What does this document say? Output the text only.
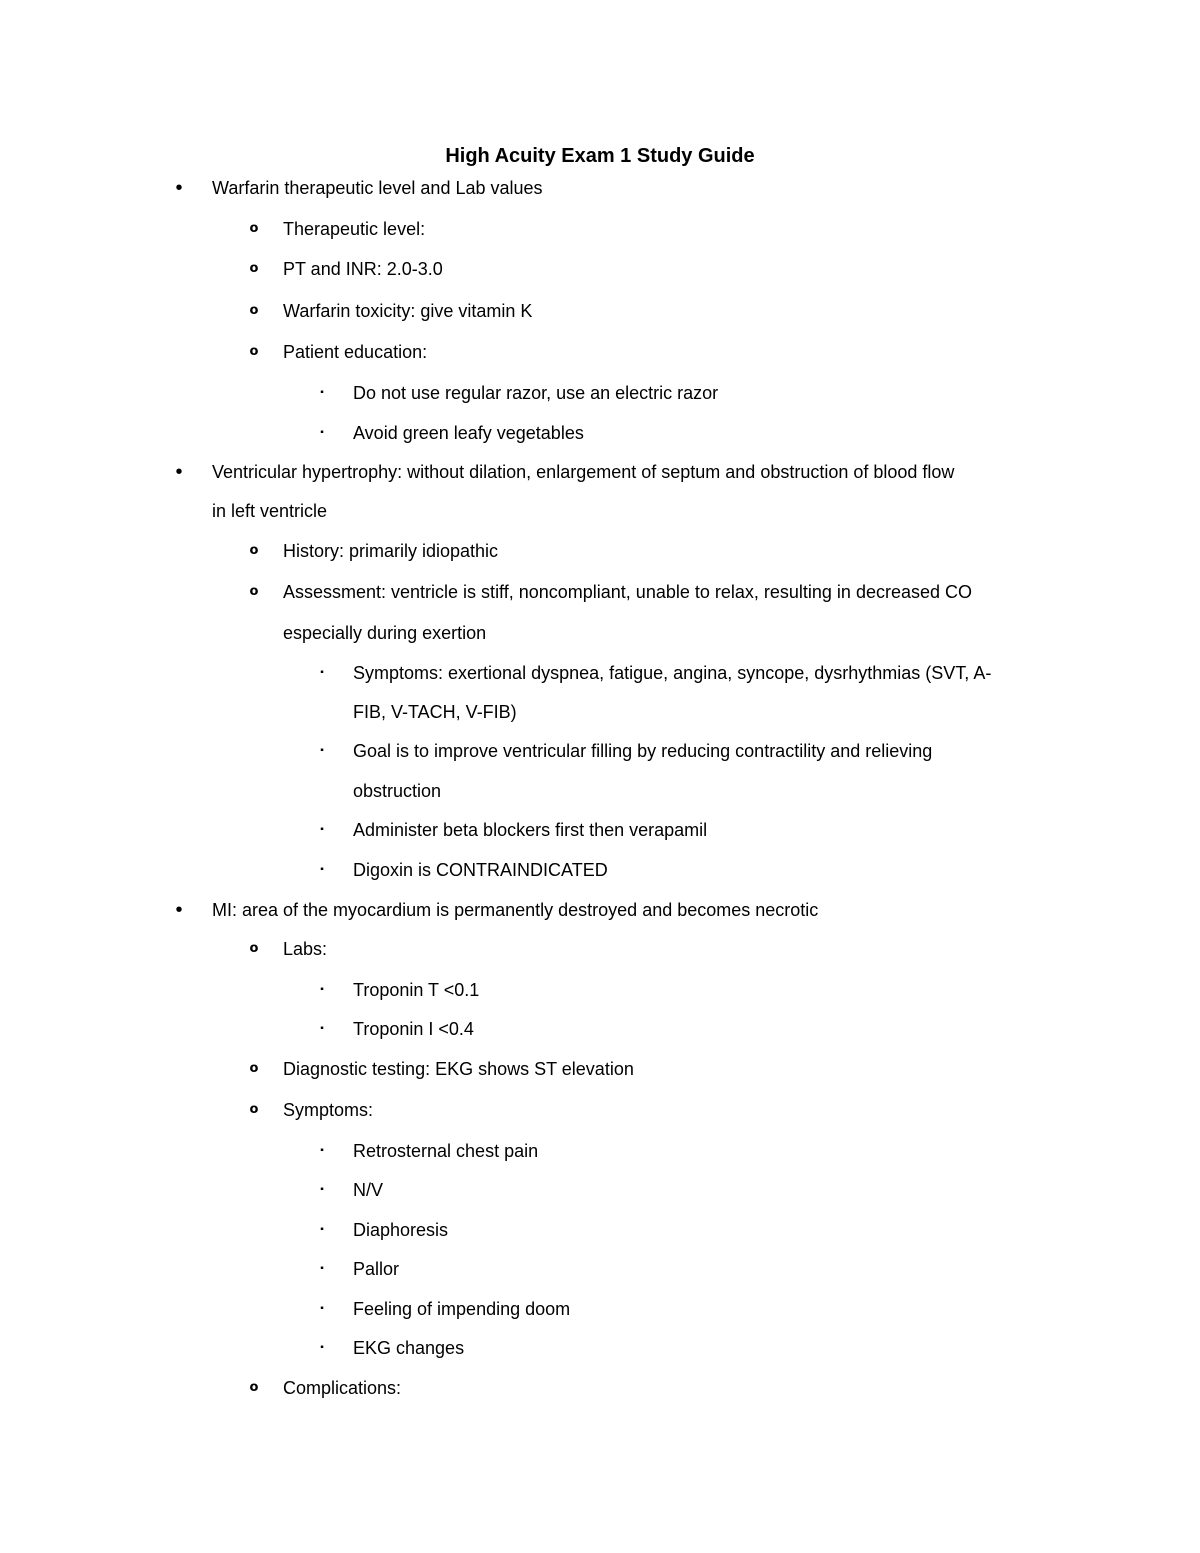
High Acuity Exam 1 Study Guide
•	Warfarin therapeutic level and Lab values
o	Therapeutic level:
o	PT and INR: 2.0-3.0
o	Warfarin toxicity: give vitamin K
o	Patient education:
▪	Do not use regular razor, use an electric razor
▪	Avoid green leafy vegetables
•	Ventricular hypertrophy: without dilation, enlargement of septum and obstruction of blood flow
in left ventricle
o	History: primarily idiopathic
o	Assessment: ventricle is stiff, noncompliant, unable to relax, resulting in decreased CO
especially during exertion
▪	Symptoms: exertional dyspnea, fatigue, angina, syncope, dysrhythmias (SVT, A-
FIB, V-TACH, V-FIB)
▪	Goal is to improve ventricular filling by reducing contractility and relieving
obstruction
▪	Administer beta blockers first then verapamil
▪	Digoxin is CONTRAINDICATED
•	MI: area of the myocardium is permanently destroyed and becomes necrotic
o	Labs:
▪	Troponin T <0.1
▪	Troponin I <0.4
o	Diagnostic testing: EKG shows ST elevation
o	Symptoms:
▪	Retrosternal chest pain
▪	N/V
▪	Diaphoresis
▪	Pallor
▪	Feeling of impending doom
▪	EKG changes
o	Complications:
